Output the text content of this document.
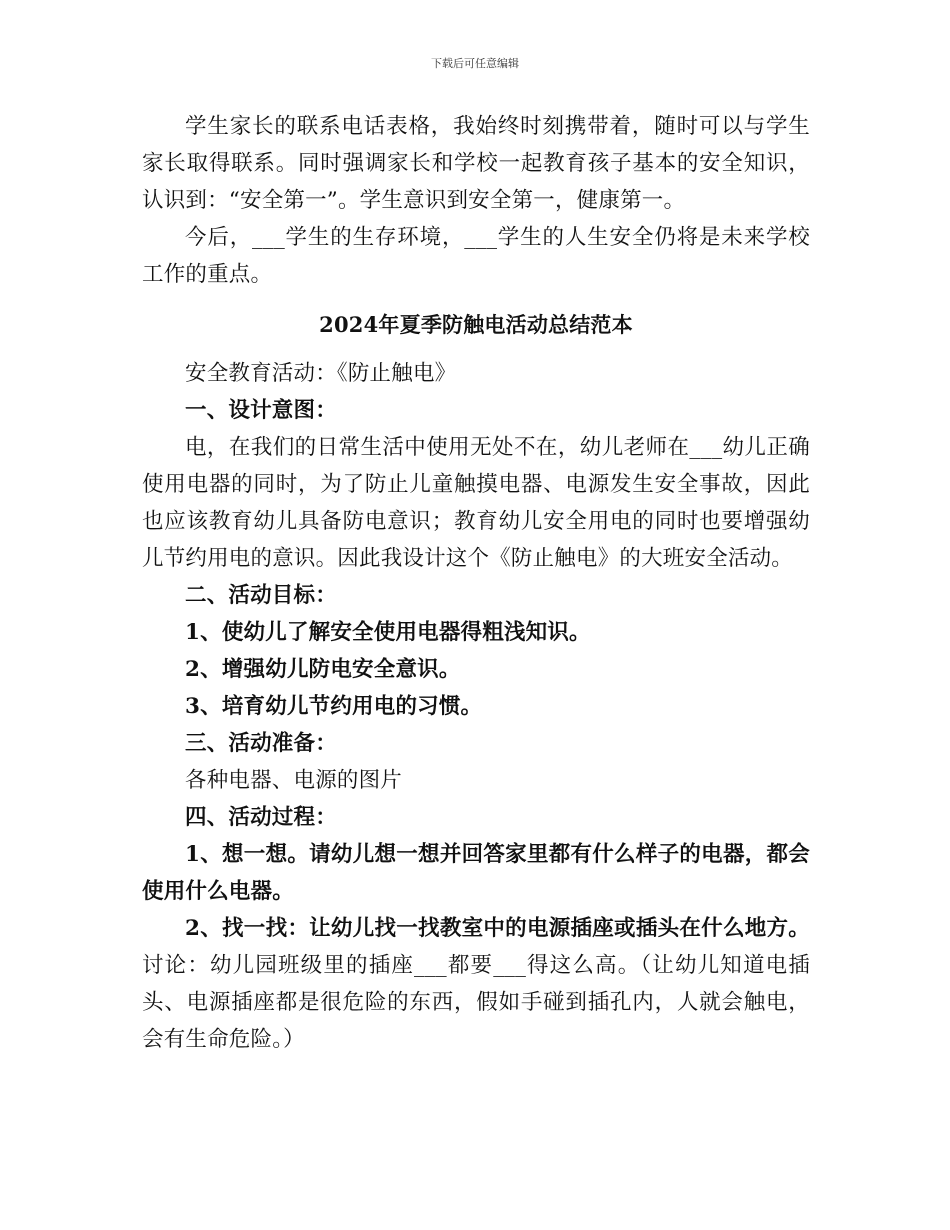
下载后可任意编辑

学生家长的联系电话表格，我始终时刻携带着，随时可以与学生家长取得联系。同时强调家长和学校一起教育孩子基本的安全知识，认识到：“安全第一”。学生意识到安全第一，健康第一。

今后，___学生的生存环境，___学生的人生安全仍将是未来学校工作的重点。

2024年夏季防触电活动总结范本

安全教育活动：《防止触电》

一、设计意图：

电，在我们的日常生活中使用无处不在，幼儿老师在___幼儿正确使用电器的同时，为了防止儿童触摸电器、电源发生安全事故，因此也应该教育幼儿具备防电意识；教育幼儿安全用电的同时也要增强幼儿节约用电的意识。因此我设计这个《防止触电》的大班安全活动。

二、活动目标：

1、使幼儿了解安全使用电器得粗浅知识。

2、增强幼儿防电安全意识。

3、培育幼儿节约用电的习惯。

三、活动准备：

各种电器、电源的图片

四、活动过程：

1、想一想。请幼儿想一想并回答家里都有什么样子的电器，都会使用什么电器。

2、找一找：让幼儿找一找教室中的电源插座或插头在什么地方。讨论：幼儿园班级里的插座___都要___得这么高。（让幼儿知道电插头、电源插座都是很危险的东西，假如手碰到插孔内，人就会触电，会有生命危险。）
